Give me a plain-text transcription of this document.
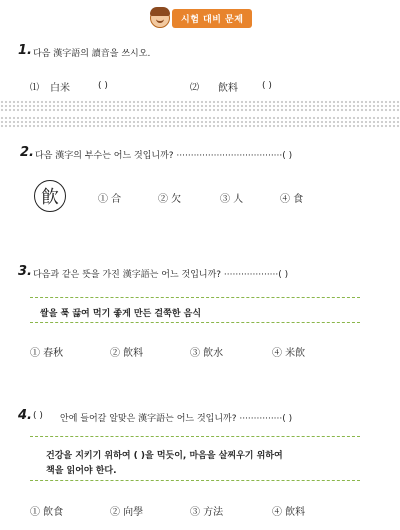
시험 대비 문제
1. 다음 漢字語의 讀音을 쓰시오.
⑴ 白米	( )	⑵ 飮料	( )
2. 다음 漢字의 부수는 어느 것입니까? ·····································( )
飮	① 合	② 欠	③ 人	④ 食
3. 다음과 같은 뜻을 가진 漢字語는 어느 것입니까? ···················( )
쌀을 푹 끓여 먹기 좋게 만든 걸쭉한 음식
① 春秋	② 飮料	③ 飮水	④ 米飮
4. ( ) 안에 들어갈 알맞은 漢字語는 어느 것입니까? ···············( )
건강을 지키기 위하여 ( )을 먹듯이, 마음을 살찌우기 위하여
책을 읽어야 한다.
① 飮食	② 向學	③ 方法	④ 飮料
